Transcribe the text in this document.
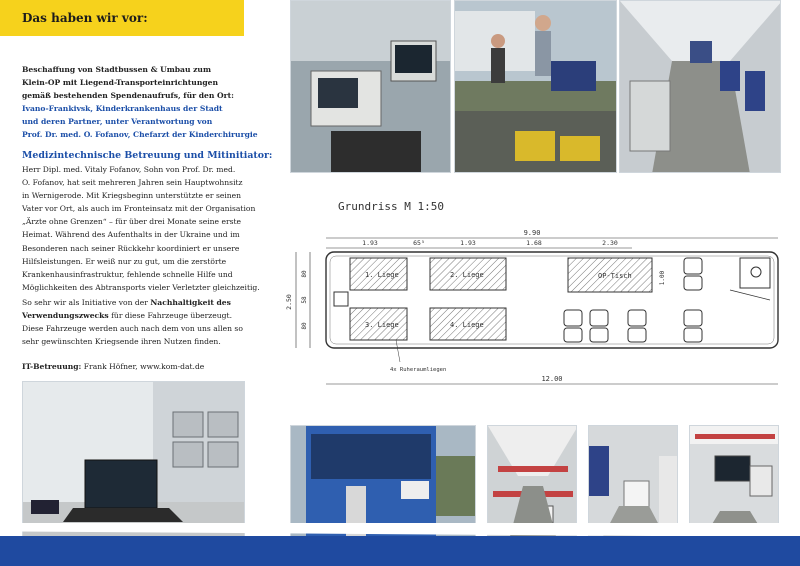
Das haben wir vor:
Beschaffung von Stadtbussen & Umbau zum
Klein-OP mit Liegend-Transporteinrichtungen
gemäß bestehenden Spendenaufrufs, für den Ort:
Ivano-Frankivsk, Kinderkrankenhaus der Stadt
und deren Partner, unter Verantwortung von
Prof. Dr. med. O. Fofanov, Chefarzt der Kinderchirurgie
Medizintechnische Betreuung und Mitinitiator:

Herr Dipl. med. Vitaly Fofanov, Sohn von Prof. Dr. med.

O. Fofanov, hat seit mehreren Jahren sein Hauptwohnsitz

in Wernigerode. Mit Kriegsbeginn unterstützte er seinen

Vater vor Ort, als auch im Fronteinsatz mit der Organisation

„Ärzte ohne Grenzen“ – für über drei Monate seine erste

Heimat. Während des Aufenthalts in der Ukraine und im

Besonderen nach seiner Rückkehr koordiniert er unsere

Hilfsleistungen. Er weiß nur zu gut, um die zerstörte

Krankenhausinfrastruktur, fehlende schnelle Hilfe und

Möglichkeiten des Abtransports vieler Verletzter gleichzeitig.

So sehr wir als Initiative von der Nachhaltigkeit des Verwendungszwecks für diese Fahrzeuge überzeugt.
Diese Fahrzeuge werden auch nach dem von uns allen so
sehr gewünschten Kriegsende ihren Nutzen finden.
IT-Betreuung: Frank Höfner, www.kom-dat.de
Grundriss M 1:50
9.90
1.93	65⁵	1.93	1.68	2.30
1. Liege	2. Liege
3. Liege	4. Liege
OP-Tisch	1.00
4x Ruheraumliegen
2.50
80
58
80
12.00
